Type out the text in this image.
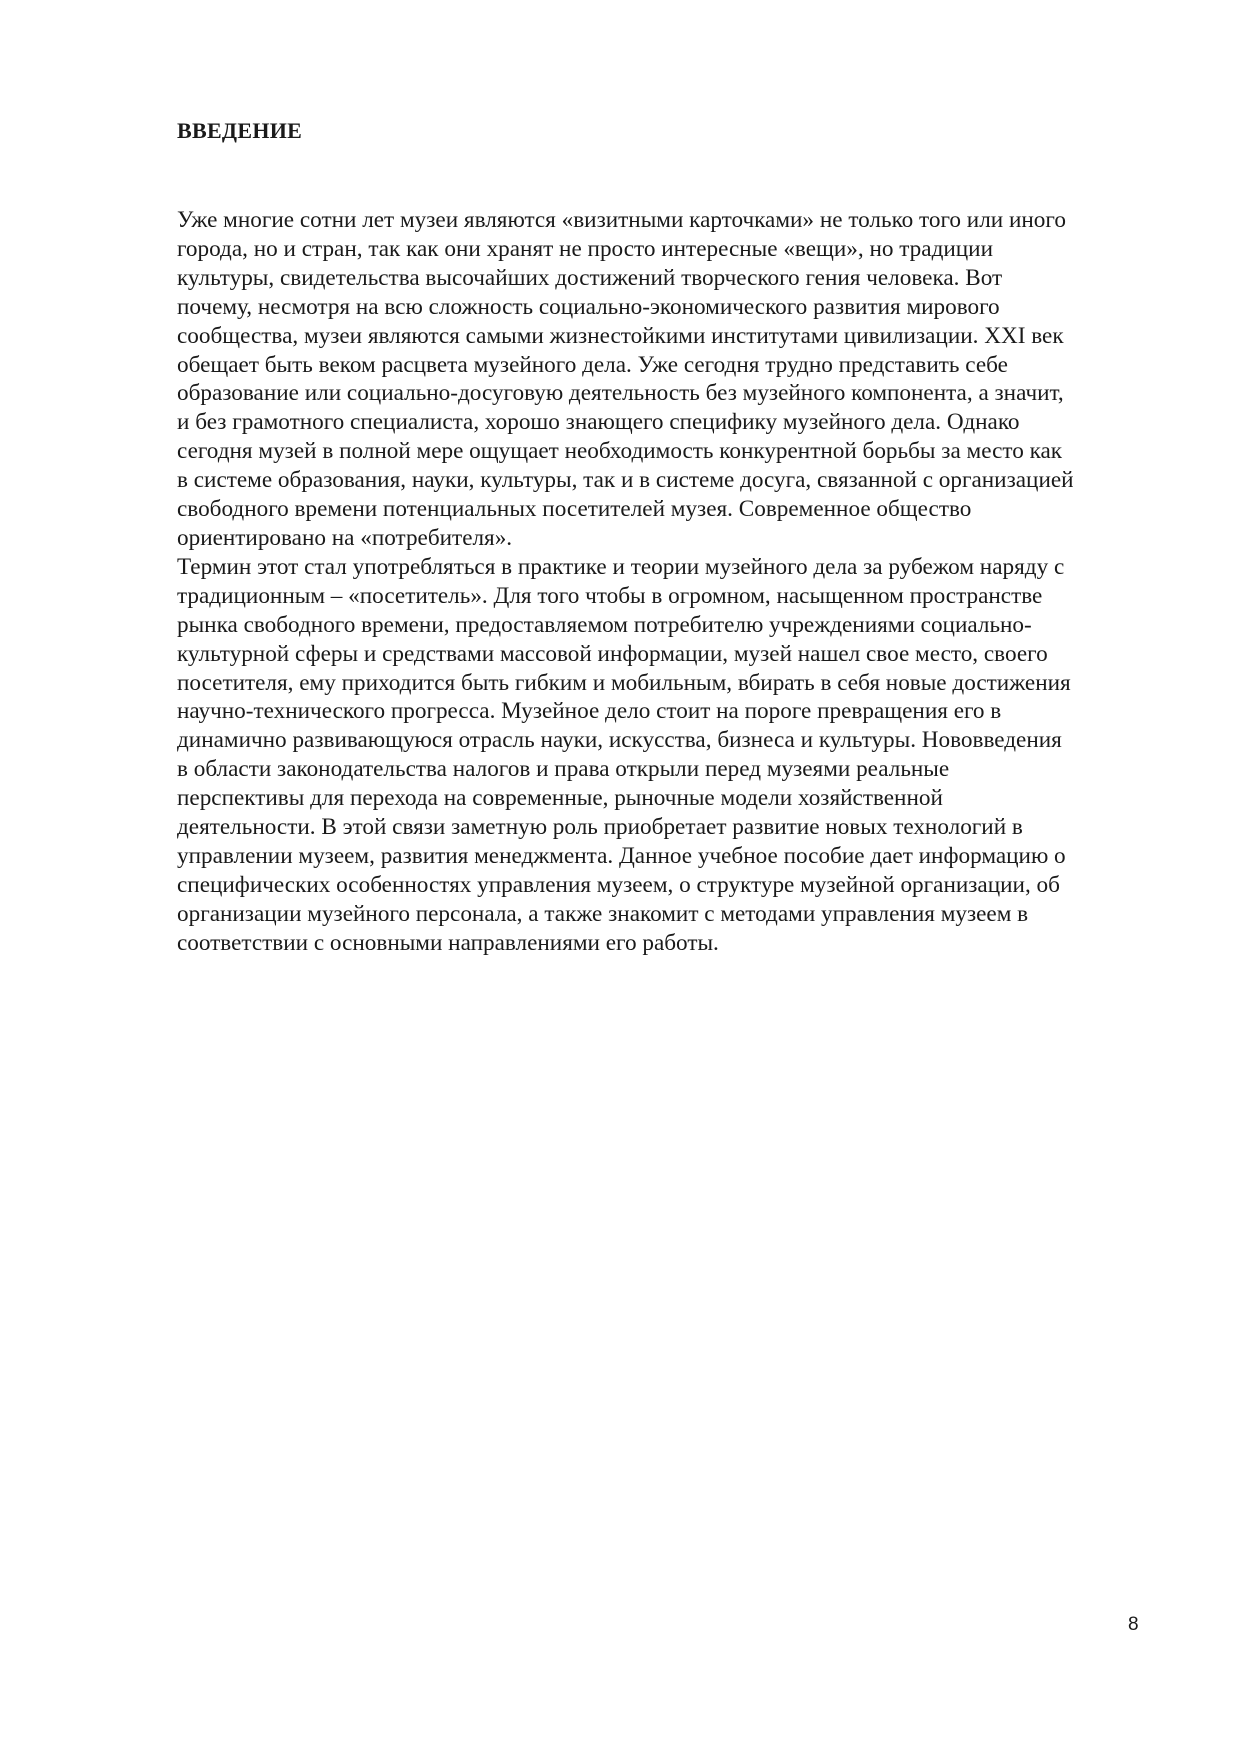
ВВЕДЕНИЕ
Уже многие сотни лет музеи являются «визитными карточками» не только того или иного
города, но и стран, так как они хранят не просто интересные «вещи», но традиции
культуры, свидетельства высочайших достижений творческого гения человека. Вот
почему, несмотря на всю сложность социально-экономического развития мирового
сообщества, музеи являются самыми жизнестойкими институтами цивилизации. XXI век
обещает быть веком расцвета музейного дела. Уже сегодня трудно представить себе
образование или социально-досуговую деятельность без музейного компонента, а значит,
и без грамотного специалиста, хорошо знающего специфику музейного дела. Однако
сегодня музей в полной мере ощущает необходимость конкурентной борьбы за место как
в системе образования, науки, культуры, так и в системе досуга, связанной с организацией
свободного времени потенциальных посетителей музея. Современное общество
ориентировано на «потребителя».
Термин этот стал употребляться в практике и теории музейного дела за рубежом наряду с
традиционным – «посетитель». Для того чтобы в огромном, насыщенном пространстве
рынка свободного времени, предоставляемом потребителю учреждениями социально-
культурной сферы и средствами массовой информации, музей нашел свое место, своего
посетителя, ему приходится быть гибким и мобильным, вбирать в себя новые достижения
научно-технического прогресса. Музейное дело стоит на пороге превращения его в
динамично развивающуюся отрасль науки, искусства, бизнеса и культуры. Нововведения
в области законодательства налогов и права открыли перед музеями реальные
перспективы для перехода на современные, рыночные модели хозяйственной
деятельности. В этой связи заметную роль приобретает развитие новых технологий в
управлении музеем, развития менеджмента. Данное учебное пособие дает информацию о
специфических особенностях управления музеем, о структуре музейной организации, об
организации музейного персонала, а также знакомит с методами управления музеем в
соответствии с основными направлениями его работы.
8
